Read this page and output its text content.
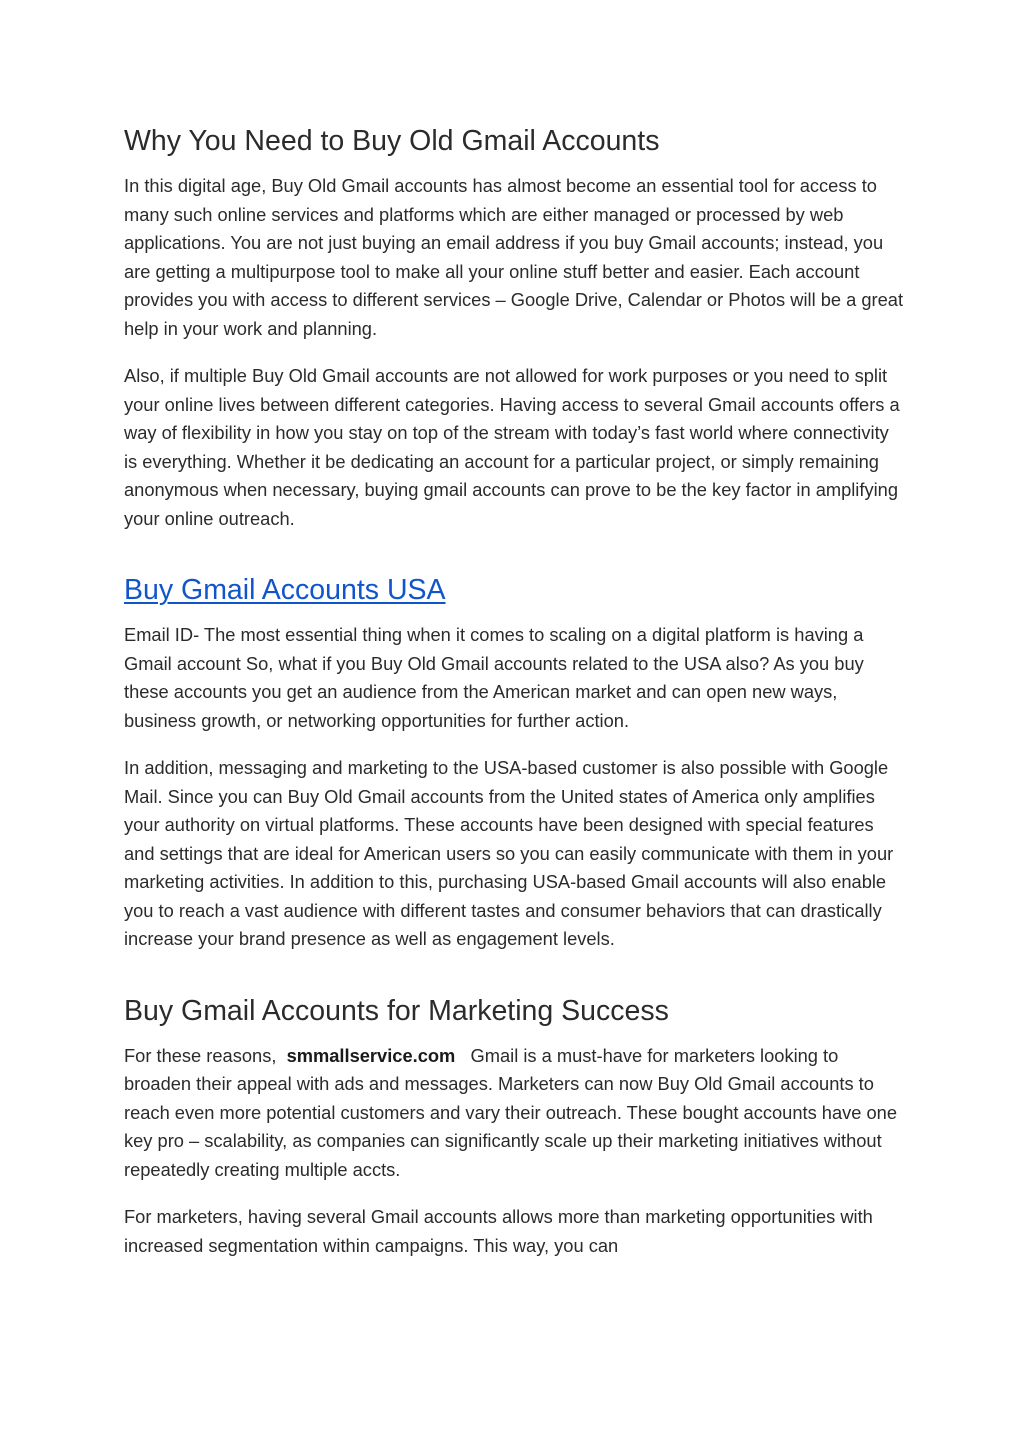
Why You Need to Buy Old Gmail Accounts

In this digital age, Buy Old Gmail accounts has almost become an essential tool for access to many such online services and platforms which are either managed or processed by web applications. You are not just buying an email address if you buy Gmail accounts; instead, you are getting a multipurpose tool to make all your online stuff better and easier. Each account provides you with access to different services – Google Drive, Calendar or Photos will be a great help in your work and planning.

Also, if multiple Buy Old Gmail accounts are not allowed for work purposes or you need to split your online lives between different categories. Having access to several Gmail accounts offers a way of flexibility in how you stay on top of the stream with today’s fast world where connectivity is everything. Whether it be dedicating an account for a particular project, or simply remaining anonymous when necessary, buying gmail accounts can prove to be the key factor in amplifying your online outreach.

Buy Gmail Accounts USA

Email ID- The most essential thing when it comes to scaling on a digital platform is having a Gmail account So, what if you Buy Old Gmail accounts related to the USA also? As you buy these accounts you get an audience from the American market and can open new ways, business growth, or networking opportunities for further action.

In addition, messaging and marketing to the USA-based customer is also possible with Google Mail. Since you can Buy Old Gmail accounts from the United states of America only amplifies your authority on virtual platforms. These accounts have been designed with special features and settings that are ideal for American users so you can easily communicate with them in your marketing activities. In addition to this, purchasing USA-based Gmail accounts will also enable you to reach a vast audience with different tastes and consumer behaviors that can drastically increase your brand presence as well as engagement levels.

Buy Gmail Accounts for Marketing Success

For these reasons,  smmallservice.com   Gmail is a must-have for marketers looking to broaden their appeal with ads and messages. Marketers can now Buy Old Gmail accounts to reach even more potential customers and vary their outreach. These bought accounts have one key pro – scalability, as companies can significantly scale up their marketing initiatives without repeatedly creating multiple accts.

For marketers, having several Gmail accounts allows more than marketing opportunities with increased segmentation within campaigns. This way, you can
